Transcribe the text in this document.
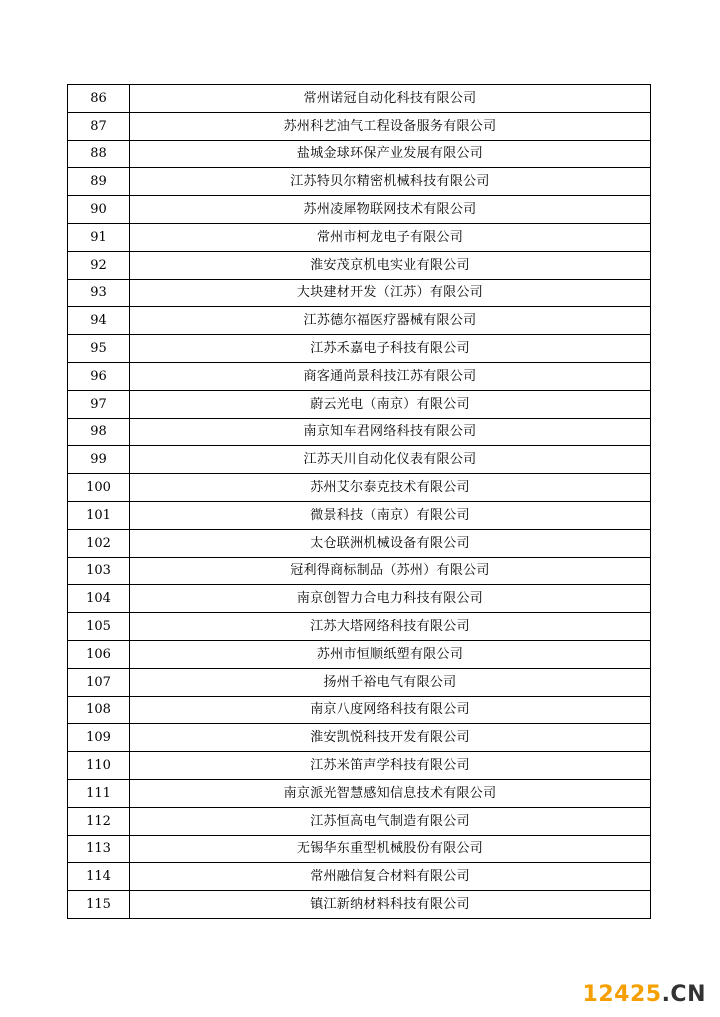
86	常州诺冠自动化科技有限公司
87	苏州科艺油气工程设备服务有限公司
88	盐城金球环保产业发展有限公司
89	江苏特贝尔精密机械科技有限公司
90	苏州凌犀物联网技术有限公司
91	常州市柯龙电子有限公司
92	淮安茂京机电实业有限公司
93	大块建材开发（江苏）有限公司
94	江苏德尔福医疗器械有限公司
95	江苏禾嘉电子科技有限公司
96	商客通尚景科技江苏有限公司
97	蔚云光电（南京）有限公司
98	南京知车君网络科技有限公司
99	江苏天川自动化仪表有限公司
100	苏州艾尔泰克技术有限公司
101	微景科技（南京）有限公司
102	太仓联洲机械设备有限公司
103	冠利得商标制品（苏州）有限公司
104	南京创智力合电力科技有限公司
105	江苏大塔网络科技有限公司
106	苏州市恒顺纸塑有限公司
107	扬州千裕电气有限公司
108	南京八度网络科技有限公司
109	淮安凯悦科技开发有限公司
110	江苏米笛声学科技有限公司
111	南京派光智慧感知信息技术有限公司
112	江苏恒高电气制造有限公司
113	无锡华东重型机械股份有限公司
114	常州融信复合材料有限公司
115	镇江新纳材料科技有限公司
12425.CN
